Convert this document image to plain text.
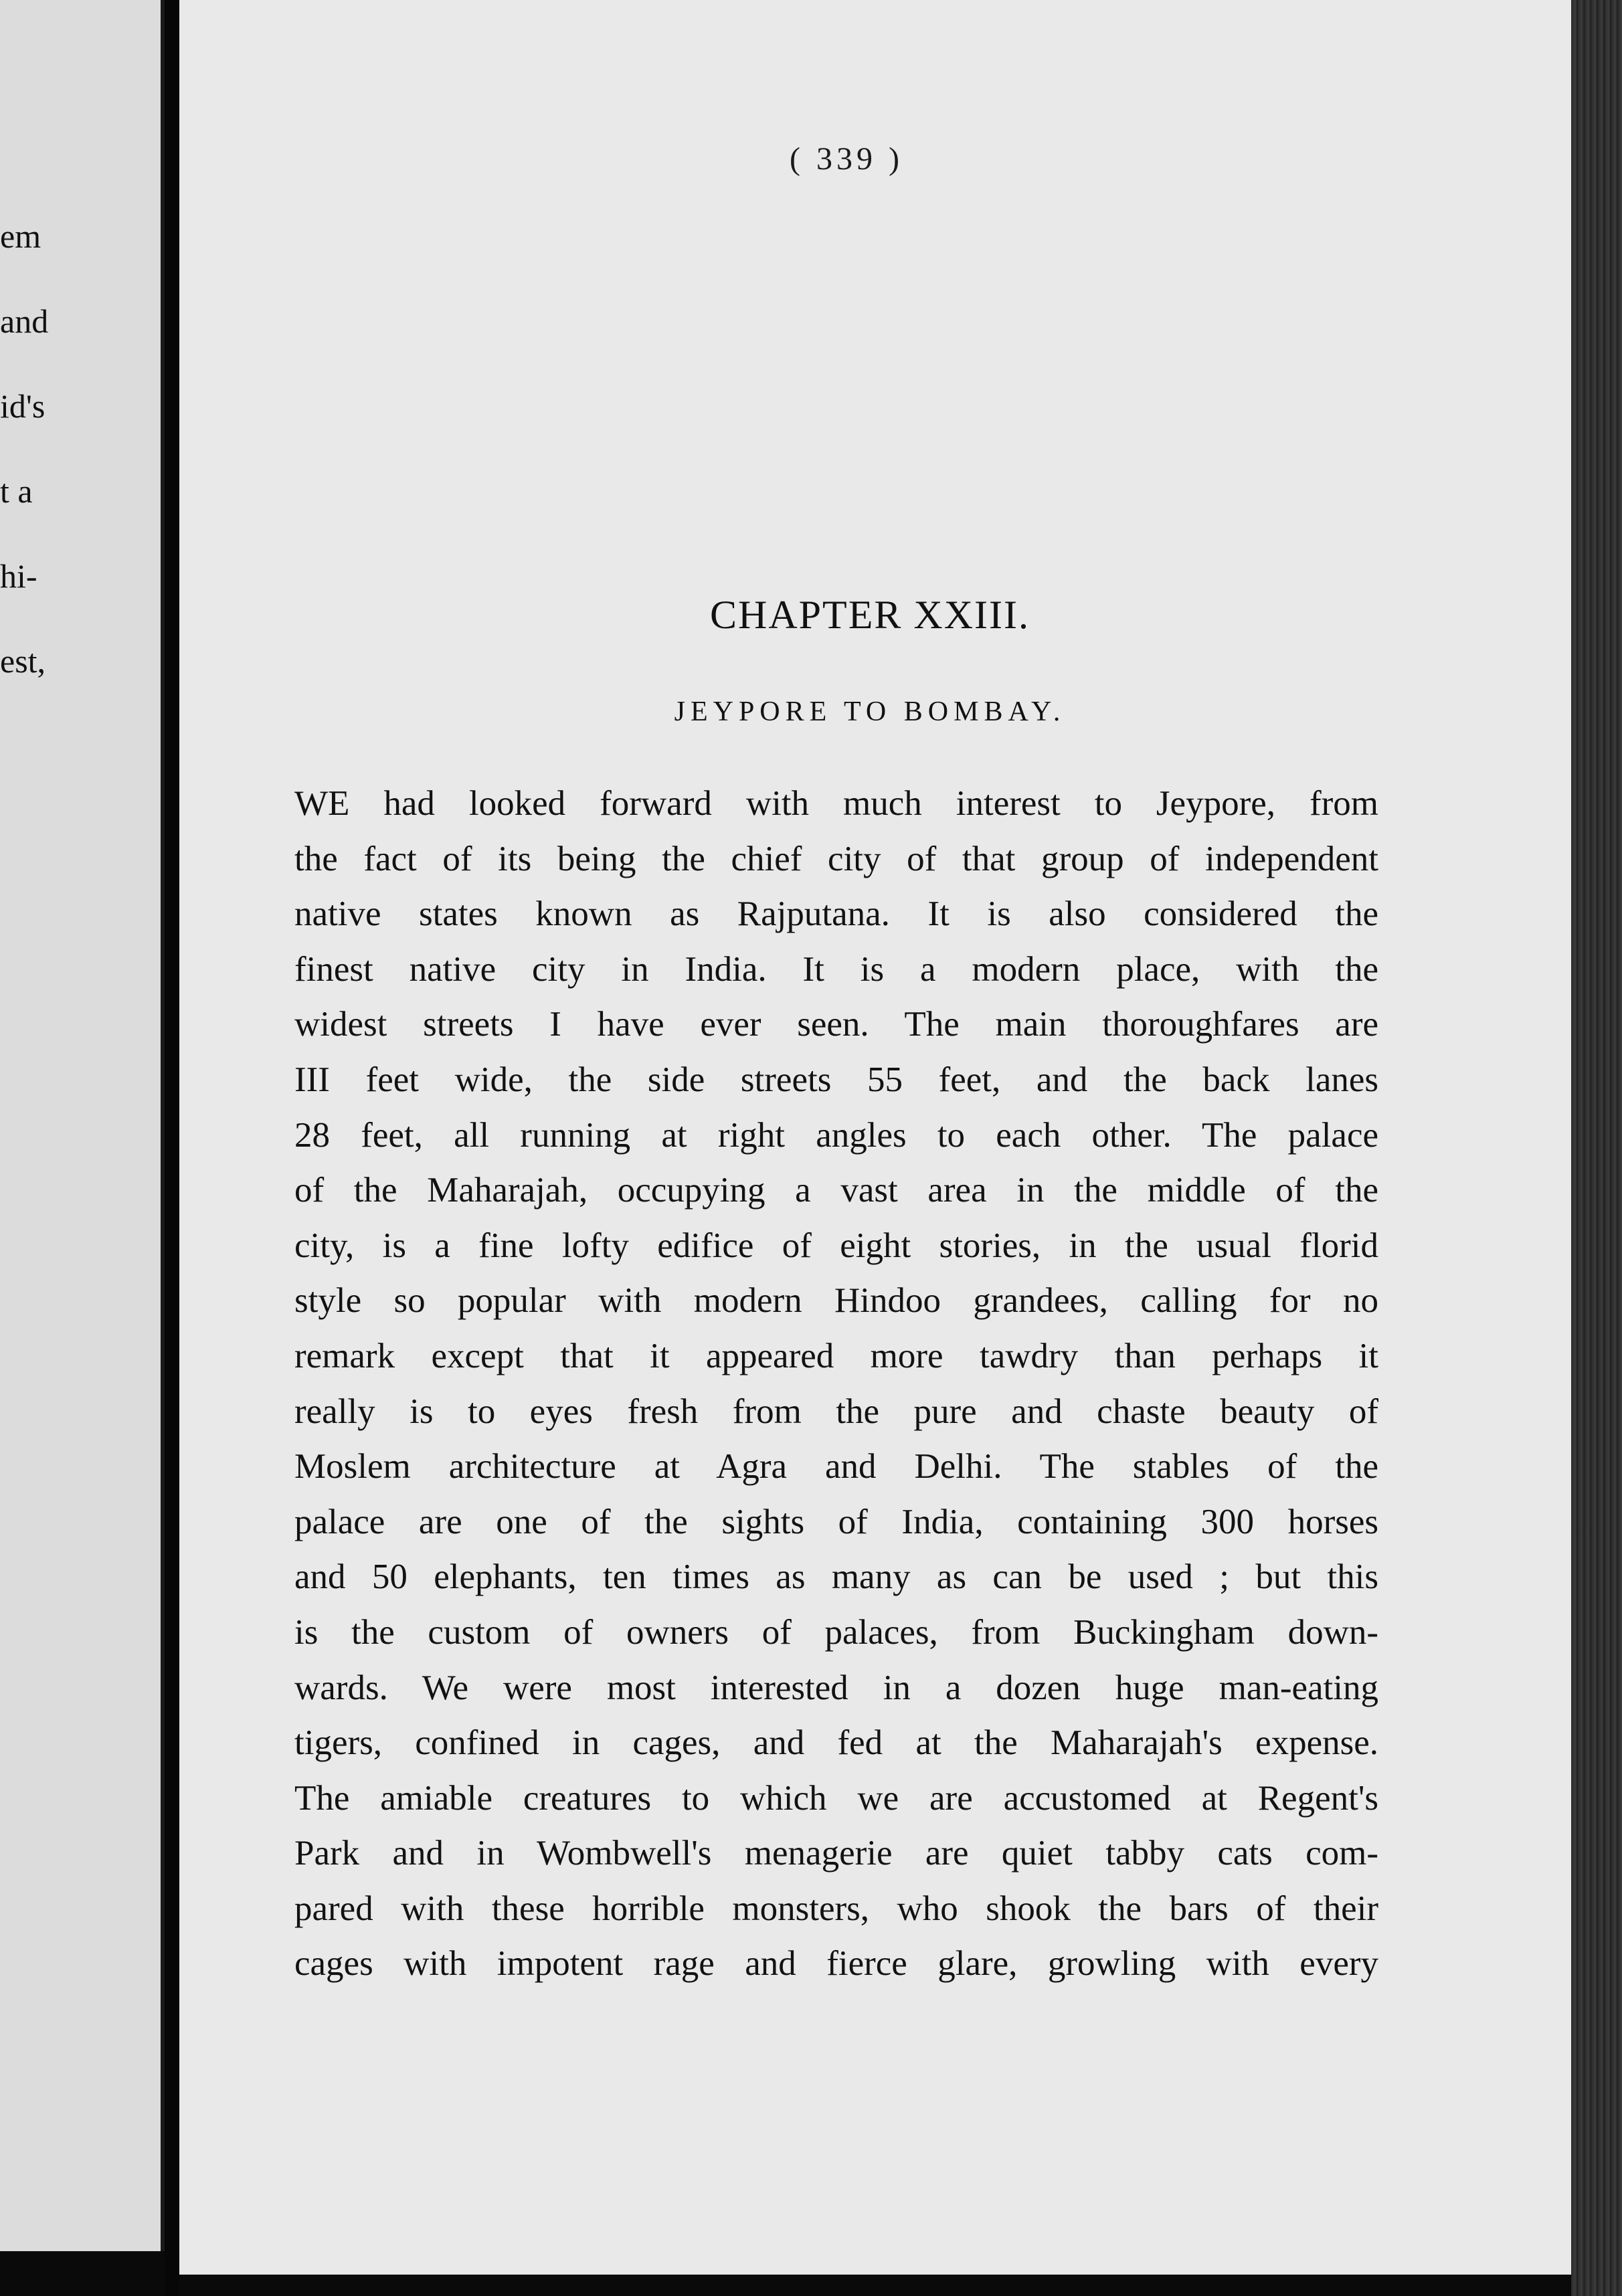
em
and
id's
t a
hi-
est,
( 339 )
CHAPTER XXIII.
JEYPORE TO BOMBAY.
WE had looked forward with much interest to Jeypore, from
the fact of its being the chief city of that group of independent
native states known as Rajputana. It is also considered the
finest native city in India. It is a modern place, with the
widest streets I have ever seen. The main thoroughfares are
III feet wide, the side streets 55 feet, and the back lanes
28 feet, all running at right angles to each other. The palace
of the Maharajah, occupying a vast area in the middle of the
city, is a fine lofty edifice of eight stories, in the usual florid
style so popular with modern Hindoo grandees, calling for no
remark except that it appeared more tawdry than perhaps it
really is to eyes fresh from the pure and chaste beauty of
Moslem architecture at Agra and Delhi. The stables of the
palace are one of the sights of India, containing 300 horses
and 50 elephants, ten times as many as can be used ; but this
is the custom of owners of palaces, from Buckingham down-
wards. We were most interested in a dozen huge man-eating
tigers, confined in cages, and fed at the Maharajah's expense.
The amiable creatures to which we are accustomed at Regent's
Park and in Wombwell's menagerie are quiet tabby cats com-
pared with these horrible monsters, who shook the bars of their
cages with impotent rage and fierce glare, growling with every
